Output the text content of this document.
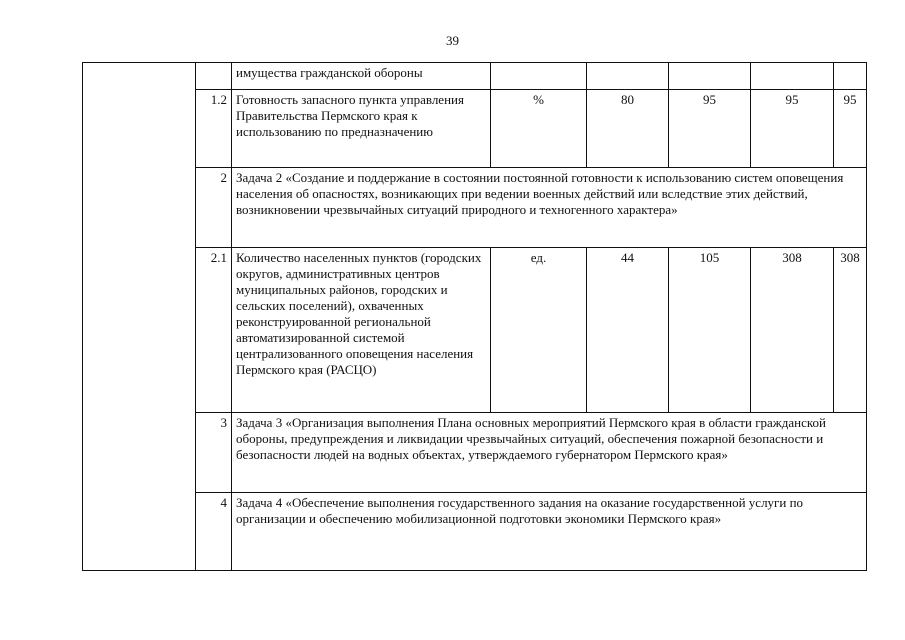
39
		имущества гражданской обороны					
	1.2	Готовность запасного пункта управления Правительства Пермского края к использованию по предназначению	%	80	95	95	95
	2	Задача 2 «Создание и поддержание в состоянии постоянной готовности к использованию систем оповещения населения об опасностях, возникающих при ведении военных действий или вследствие этих действий, возникновении чрезвычайных ситуаций природного и техногенного характера»					
	2.1	Количество населенных пунктов (городских округов, административных центров муниципальных районов, городских и сельских поселений), охваченных реконструированной региональной автоматизированной системой централизованного оповещения населения Пермского края (РАСЦО)	ед.	44	105	308	308
	3	Задача 3 «Организация выполнения Плана основных мероприятий Пермского края в области гражданской обороны, предупреждения и ликвидации чрезвычайных ситуаций, обеспечения пожарной безопасности и безопасности людей на водных объектах, утверждаемого губернатором Пермского края»					
	4	Задача 4 «Обеспечение выполнения государственного задания на оказание государственной услуги по организации и обеспечению мобилизационной подготовки экономики Пермского края»					
